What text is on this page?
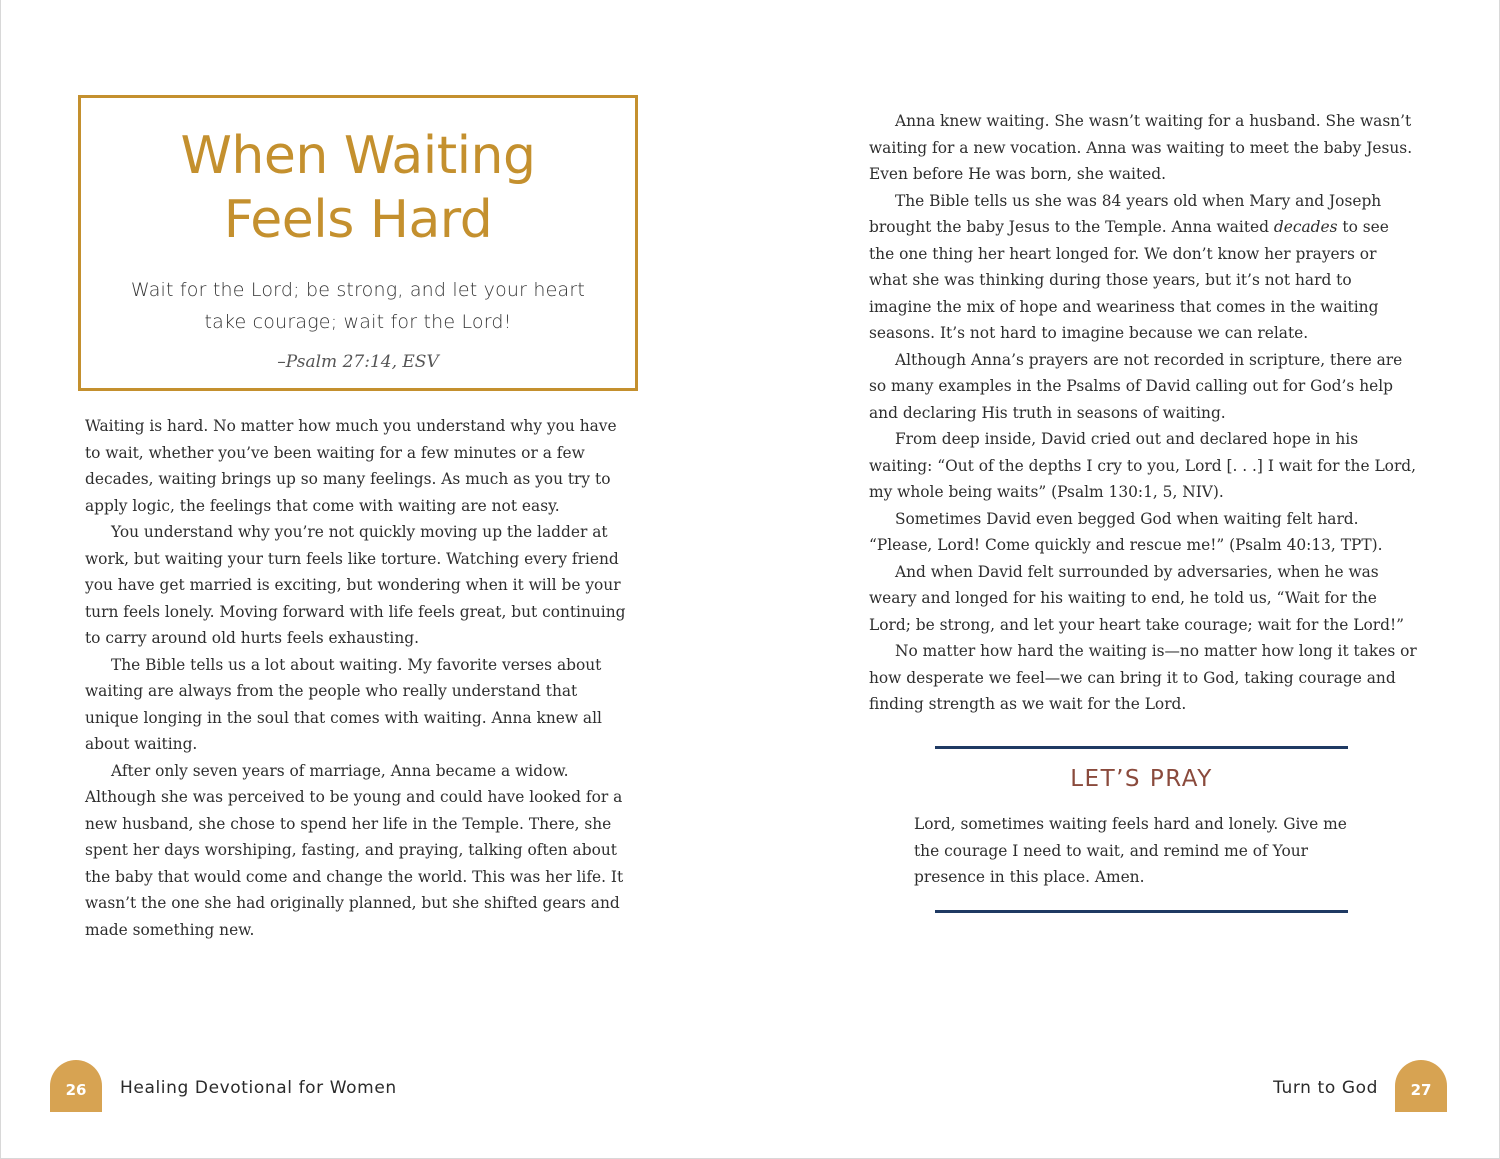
When Waiting
Feels Hard
Wait for the Lord; be strong, and let your heart take courage; wait for the Lord!
–Psalm 27:14, ESV

Waiting is hard. No matter how much you understand why you have to wait, whether you’ve been waiting for a few minutes or a few decades, waiting brings up so many feelings. As much as you try to apply logic, the feelings that come with waiting are not easy.

You understand why you’re not quickly moving up the ladder at work, but waiting your turn feels like torture. Watching every friend you have get married is exciting, but wondering when it will be your turn feels lonely. Moving forward with life feels great, but continuing to carry around old hurts feels exhausting.

The Bible tells us a lot about waiting. My favorite verses about waiting are always from the people who really understand that unique longing in the soul that comes with waiting. Anna knew all about waiting.

After only seven years of marriage, Anna became a widow. Although she was perceived to be young and could have looked for a new husband, she chose to spend her life in the Temple. There, she spent her days worshiping, fasting, and praying, talking often about the baby that would come and change the world. This was her life. It wasn’t the one she had originally planned, but she shifted gears and made something new.

26	Healing Devotional for Women

Anna knew waiting. She wasn’t waiting for a husband. She wasn’t waiting for a new vocation. Anna was waiting to meet the baby Jesus. Even before He was born, she waited.

The Bible tells us she was 84 years old when Mary and Joseph brought the baby Jesus to the Temple. Anna waited decades to see the one thing her heart longed for. We don’t know her prayers or what she was thinking during those years, but it’s not hard to imagine the mix of hope and weariness that comes in the waiting seasons. It’s not hard to imagine because we can relate.

Although Anna’s prayers are not recorded in scripture, there are so many examples in the Psalms of David calling out for God’s help and declaring His truth in seasons of waiting.

From deep inside, David cried out and declared hope in his waiting: “Out of the depths I cry to you, Lord [. . .] I wait for the Lord, my whole being waits” (Psalm 130:1, 5, NIV).

Sometimes David even begged God when waiting felt hard. “Please, Lord! Come quickly and rescue me!” (Psalm 40:13, TPT).

And when David felt surrounded by adversaries, when he was weary and longed for his waiting to end, he told us, “Wait for the Lord; be strong, and let your heart take courage; wait for the Lord!”

No matter how hard the waiting is—no matter how long it takes or how desperate we feel—we can bring it to God, taking courage and finding strength as we wait for the Lord.

LET’S PRAY
Lord, sometimes waiting feels hard and lonely. Give me the courage I need to wait, and remind me of Your presence in this place. Amen.
Turn to God	27
